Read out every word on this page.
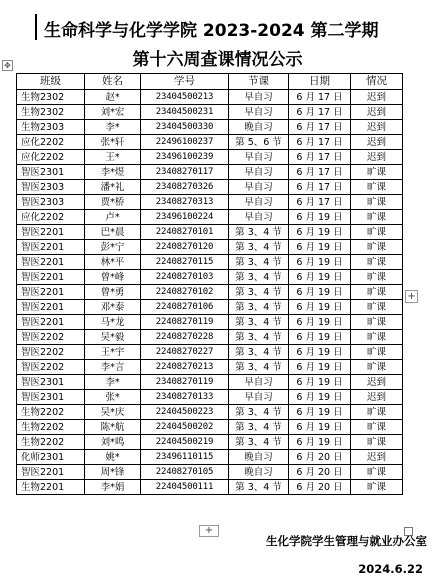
生命科学与化学学院 2023-2024 第二学期
第十六周查课情况公示
✥
班级	姓名	学号	节课	日期	情况
生物2302	赵*	23404500213	早自习	6 月 17 日	迟到
生物2302	刘*宏	23404500231	早自习	6 月 17 日	迟到
生物2303	李*	23404500330	晚自习	6 月 17 日	迟到
应化2202	张*轩	22496100237	第 5、6 节	6 月 17 日	迟到
应化2202	王*	23496100239	早自习	6 月 17 日	迟到
智医2301	李*煜	23408270117	早自习	6 月 17 日	旷课
智医2303	潘*礼	23408270326	早自习	6 月 17 日	旷课
智医2303	贾*桥	23408270313	早自习	6 月 17 日	旷课
应化2202	卢*	23496100224	早自习	6 月 19 日	旷课
智医2201	巴*晨	22408270101	第 3、4 节	6 月 19 日	旷课
智医2201	彭*宁	22408270120	第 3、4 节	6 月 19 日	旷课
智医2201	林*平	22408270115	第 3、4 节	6 月 19 日	旷课
智医2201	曾*峰	22408270103	第 3、4 节	6 月 19 日	旷课
智医2201	曾*勇	22408270102	第 3、4 节	6 月 19 日	旷课
智医2201	邓*泰	22408270106	第 3、4 节	6 月 19 日	旷课
智医2201	马*龙	22408270119	第 3、4 节	6 月 19 日	旷课
智医2202	吴*毅	22408270228	第 3、4 节	6 月 19 日	旷课
智医2202	王*宇	22408270227	第 3、4 节	6 月 19 日	旷课
智医2202	李*言	22408270213	第 3、4 节	6 月 19 日	旷课
智医2301	李*	23408270119	早自习	6 月 19 日	迟到
智医2301	张*	23408270133	早自习	6 月 19 日	迟到
生物2202	吴*庆	22404500223	第 3、4 节	6 月 19 日	旷课
生物2202	陈*航	22404500202	第 3、4 节	6 月 19 日	旷课
生物2202	刘*鸣	22404500219	第 3、4 节	6 月 19 日	旷课
化师2301	姚*	23496110115	晚自习	6 月 20 日	迟到
智医2201	周*锋	22408270105	晚自习	6 月 20 日	旷课
生物2201	李*娟	22404500111	第 3、4 节	6 月 20 日	旷课
+
+
生化学院学生管理与就业办公室
2024.6.22
